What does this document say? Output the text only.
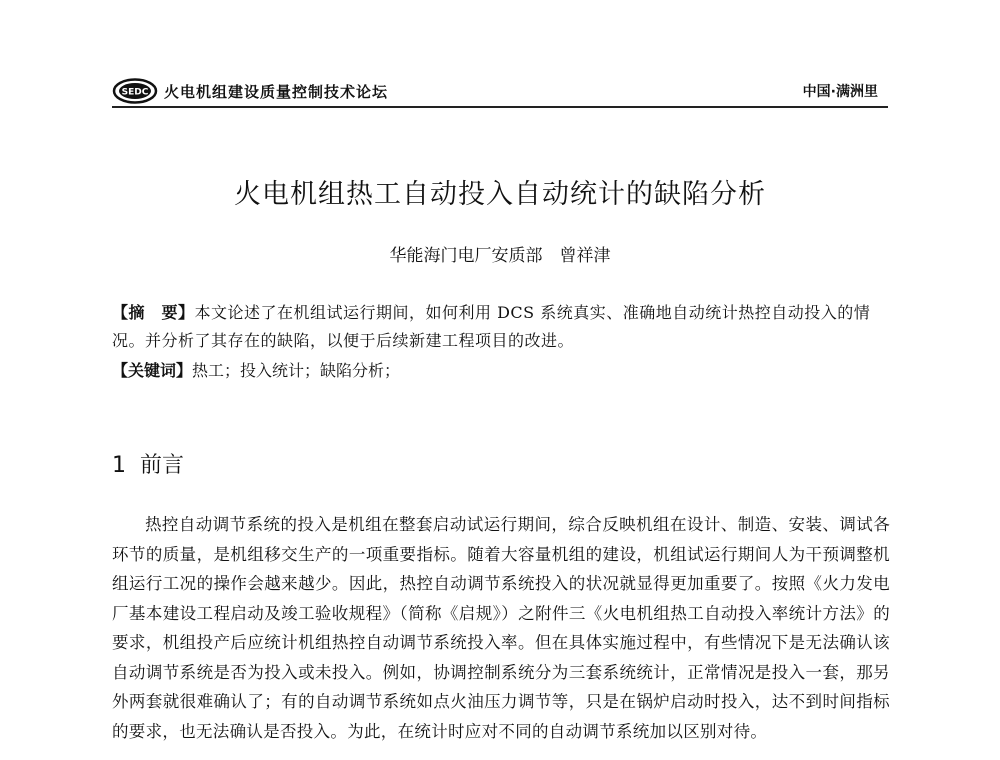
SEDC 火电机组建设质量控制技术论坛	中国·满洲里
火电机组热工自动投入自动统计的缺陷分析
华能海门电厂安质部　曾祥津
【摘　要】本文论述了在机组试运行期间，如何利用 DCS 系统真实、准确地自动统计热控自动投入的情况。并分析了其存在的缺陷，以便于后续新建工程项目的改进。
【关键词】热工；投入统计；缺陷分析；
1 前言
热控自动调节系统的投入是机组在整套启动试运行期间，综合反映机组在设计、制造、安装、调试各环节的质量，是机组移交生产的一项重要指标。随着大容量机组的建设，机组试运行期间人为干预调整机组运行工况的操作会越来越少。因此，热控自动调节系统投入的状况就显得更加重要了。按照《火力发电厂基本建设工程启动及竣工验收规程》（简称《启规》）之附件三《火电机组热工自动投入率统计方法》的要求，机组投产后应统计机组热控自动调节系统投入率。但在具体实施过程中，有些情况下是无法确认该自动调节系统是否为投入或未投入。例如，协调控制系统分为三套系统统计，正常情况是投入一套，那另外两套就很难确认了；有的自动调节系统如点火油压力调节等，只是在锅炉启动时投入，达不到时间指标的要求，也无法确认是否投入。为此，在统计时应对不同的自动调节系统加以区别对待。
